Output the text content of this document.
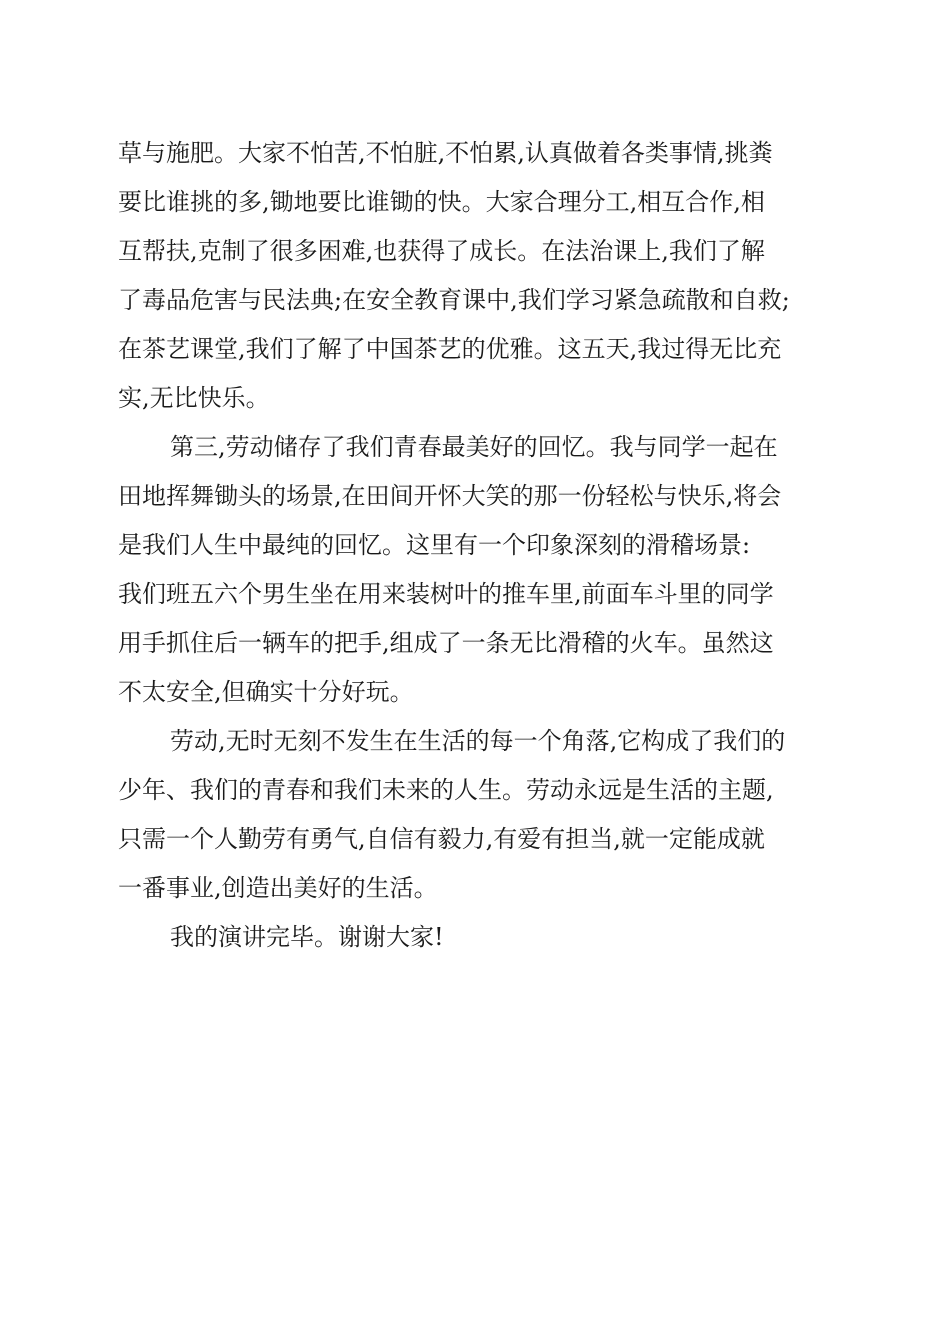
草与施肥。大家不怕苦,不怕脏,不怕累,认真做着各类事情,挑粪
要比谁挑的多,锄地要比谁锄的快。大家合理分工,相互合作,相
互帮扶,克制了很多困难,也获得了成长。在法治课上,我们了解
了毒品危害与民法典;在安全教育课中,我们学习紧急疏散和自救;
在茶艺课堂,我们了解了中国茶艺的优雅。这五天,我过得无比充
实,无比快乐。
第三,劳动储存了我们青春最美好的回忆。我与同学一起在
田地挥舞锄头的场景,在田间开怀大笑的那一份轻松与快乐,将会
是我们人生中最纯的回忆。这里有一个印象深刻的滑稽场景:
我们班五六个男生坐在用来装树叶的推车里,前面车斗里的同学
用手抓住后一辆车的把手,组成了一条无比滑稽的火车。虽然这
不太安全,但确实十分好玩。
劳动,无时无刻不发生在生活的每一个角落,它构成了我们的
少年、我们的青春和我们未来的人生。劳动永远是生活的主题,
只需一个人勤劳有勇气,自信有毅力,有爱有担当,就一定能成就
一番事业,创造出美好的生活。
我的演讲完毕。谢谢大家!
